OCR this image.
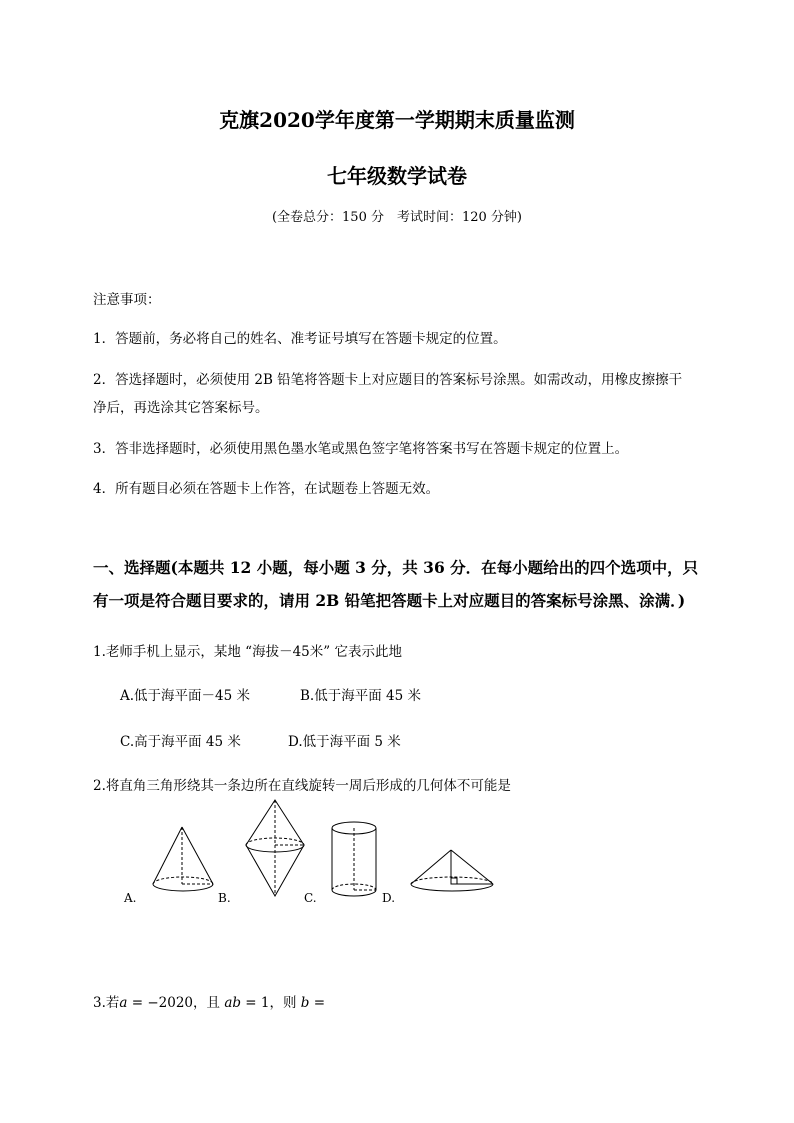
克旗2020学年度第一学期期末质量监测
七年级数学试卷
(全卷总分：150 分　考试时间：120 分钟)
注意事项：
1．答题前，务必将自己的姓名、准考证号填写在答题卡规定的位置。
2．答选择题时，必须使用 2B 铅笔将答题卡上对应题目的答案标号涂黑。如需改动，用橡皮擦擦干
净后，再选涂其它答案标号。
3．答非选择题时，必须使用黑色墨水笔或黑色签字笔将答案书写在答题卡规定的位置上。
4．所有题目必须在答题卡上作答，在试题卷上答题无效。
一、选择题(本题共 12 小题，每小题 3 分，共 36 分．在每小题给出的四个选项中，只
有一项是符合题目要求的，请用 2B 铅笔把答题卡上对应题目的答案标号涂黑、涂满．)
1.老师手机上显示，某地 “海拔－45米” 它表示此地
A.低于海平面－45 米	B.低于海平面 45 米
C.高于海平面 45 米	D.低于海平面 5 米
2.将直角三角形绕其一条边所在直线旋转一周后形成的几何体不可能是
A.	B.	C.	D.
3.若a = −2020，且 ab = 1，则 b =
